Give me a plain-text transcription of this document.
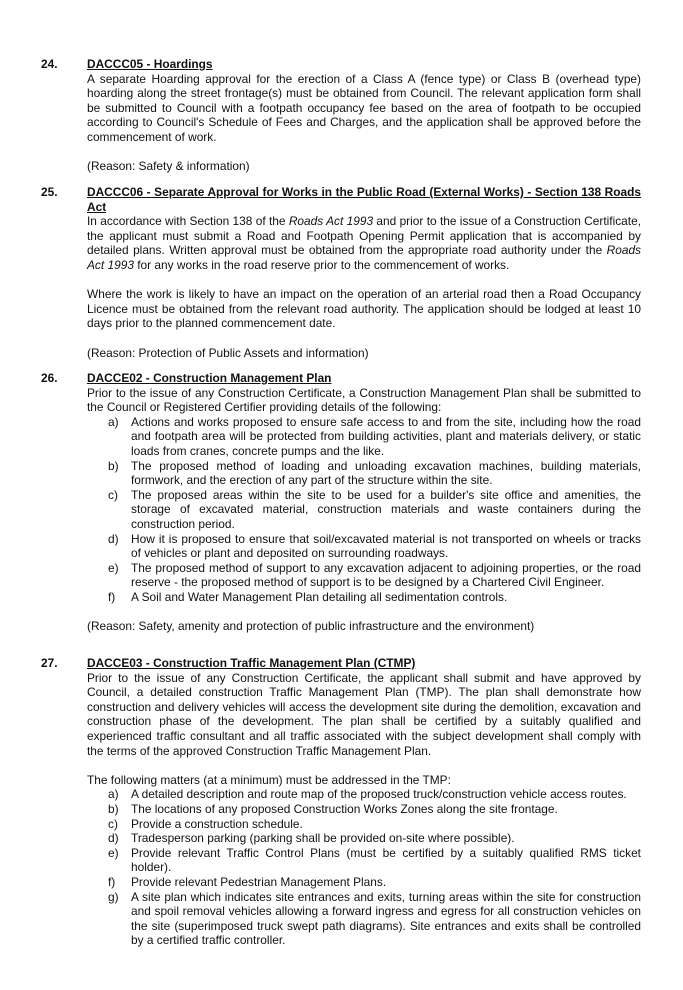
24. DACCC05 - Hoardings

A separate Hoarding approval for the erection of a Class A (fence type) or Class B (overhead type) hoarding along the street frontage(s) must be obtained from Council. The relevant application form shall be submitted to Council with a footpath occupancy fee based on the area of footpath to be occupied according to Council's Schedule of Fees and Charges, and the application shall be approved before the commencement of work.

(Reason: Safety & information)

25. DACCC06 - Separate Approval for Works in the Public Road (External Works) - Section 138 Roads Act

In accordance with Section 138 of the Roads Act 1993 and prior to the issue of a Construction Certificate, the applicant must submit a Road and Footpath Opening Permit application that is accompanied by detailed plans. Written approval must be obtained from the appropriate road authority under the Roads Act 1993 for any works in the road reserve prior to the commencement of works.

Where the work is likely to have an impact on the operation of an arterial road then a Road Occupancy Licence must be obtained from the relevant road authority. The application should be lodged at least 10 days prior to the planned commencement date.

(Reason: Protection of Public Assets and information)

26. DACCE02 - Construction Management Plan

Prior to the issue of any Construction Certificate, a Construction Management Plan shall be submitted to the Council or Registered Certifier providing details of the following:

a) Actions and works proposed to ensure safe access to and from the site, including how the road and footpath area will be protected from building activities, plant and materials delivery, or static loads from cranes, concrete pumps and the like.
b) The proposed method of loading and unloading excavation machines, building materials, formwork, and the erection of any part of the structure within the site.
c) The proposed areas within the site to be used for a builder's site office and amenities, the storage of excavated material, construction materials and waste containers during the construction period.
d) How it is proposed to ensure that soil/excavated material is not transported on wheels or tracks of vehicles or plant and deposited on surrounding roadways.
e) The proposed method of support to any excavation adjacent to adjoining properties, or the road reserve - the proposed method of support is to be designed by a Chartered Civil Engineer.
f) A Soil and Water Management Plan detailing all sedimentation controls.

(Reason: Safety, amenity and protection of public infrastructure and the environment)

27. DACCE03 - Construction Traffic Management Plan (CTMP)

Prior to the issue of any Construction Certificate, the applicant shall submit and have approved by Council, a detailed construction Traffic Management Plan (TMP). The plan shall demonstrate how construction and delivery vehicles will access the development site during the demolition, excavation and construction phase of the development. The plan shall be certified by a suitably qualified and experienced traffic consultant and all traffic associated with the subject development shall comply with the terms of the approved Construction Traffic Management Plan.

The following matters (at a minimum) must be addressed in the TMP:

a) A detailed description and route map of the proposed truck/construction vehicle access routes.
b) The locations of any proposed Construction Works Zones along the site frontage.
c) Provide a construction schedule.
d) Tradesperson parking (parking shall be provided on-site where possible).
e) Provide relevant Traffic Control Plans (must be certified by a suitably qualified RMS ticket holder).
f) Provide relevant Pedestrian Management Plans.
g) A site plan which indicates site entrances and exits, turning areas within the site for construction and spoil removal vehicles allowing a forward ingress and egress for all construction vehicles on the site (superimposed truck swept path diagrams). Site entrances and exits shall be controlled by a certified traffic controller.
